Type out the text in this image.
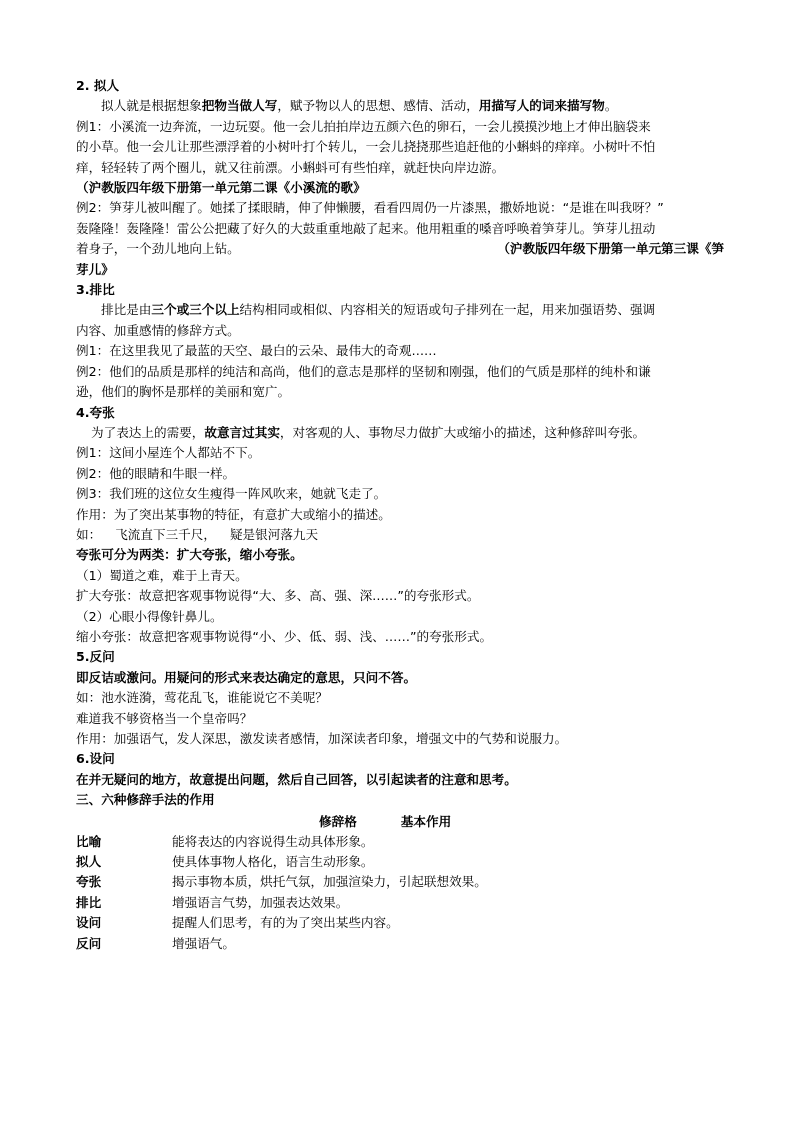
2. 拟人
拟人就是根据想象把物当做人写，赋予物以人的思想、感情、活动，用描写人的词来描写物。
例1：小溪流一边奔流，一边玩耍。他一会儿拍拍岸边五颜六色的卵石，一会儿摸摸沙地上才伸出脑袋来
的小草。他一会儿让那些漂浮着的小树叶打个转儿，一会儿挠挠那些追赶他的小蝌蚪的痒痒。小树叶不怕
痒，轻轻转了两个圈儿，就又往前漂。小蝌蚪可有些怕痒，就赶快向岸边游。
（沪教版四年级下册第一单元第二课《小溪流的歌》
例2：笋芽儿被叫醒了。她揉了揉眼睛，伸了伸懒腰，看看四周仍一片漆黑，撒娇地说：“是谁在叫我呀？”
轰隆隆！轰隆隆！雷公公把藏了好久的大鼓重重地敲了起来。他用粗重的嗓音呼唤着笋芽儿。笋芽儿扭动
着身子，一个劲儿地向上钻。	（沪教版四年级下册第一单元第三课《笋
芽儿》
3.排比
排比是由三个或三个以上结构相同或相似、内容相关的短语或句子排列在一起，用来加强语势、强调
内容、加重感情的修辞方式。
例1：在这里我见了最蓝的天空、最白的云朵、最伟大的奇观……
例2：他们的品质是那样的纯洁和高尚，他们的意志是那样的坚韧和刚强，他们的气质是那样的纯朴和谦
逊，他们的胸怀是那样的美丽和宽广。
4.夸张
为了表达上的需要，故意言过其实，对客观的人、事物尽力做扩大或缩小的描述，这种修辞叫夸张。
例1：这间小屋连个人都站不下。
例2：他的眼睛和牛眼一样。
例3：我们班的这位女生瘦得一阵风吹来，她就飞走了。
作用：为了突出某事物的特征，有意扩大或缩小的描述。
如： 飞流直下三千尺， 疑是银河落九天
夸张可分为两类：扩大夸张，缩小夸张。
（1）蜀道之难，难于上青天。
扩大夸张：故意把客观事物说得“大、多、高、强、深……”的夸张形式。
（2）心眼小得像针鼻儿。
缩小夸张：故意把客观事物说得“小、少、低、弱、浅、……”的夸张形式。
5.反问
即反诘或激问。用疑问的形式来表达确定的意思，只问不答。
如：池水涟漪，莺花乱飞，谁能说它不美呢？
难道我不够资格当一个皇帝吗？
作用：加强语气，发人深思，激发读者感情，加深读者印象，增强文中的气势和说服力。
6.设问
在并无疑问的地方，故意提出问题，然后自己回答，以引起读者的注意和思考。
三、六种修辞手法的作用
修辞格	基本作用
比喻	能将表达的内容说得生动具体形象。
拟人	使具体事物人格化，语言生动形象。
夸张	揭示事物本质，烘托气氛，加强渲染力，引起联想效果。
排比	增强语言气势，加强表达效果。
设问	提醒人们思考，有的为了突出某些内容。
反问	增强语气。
